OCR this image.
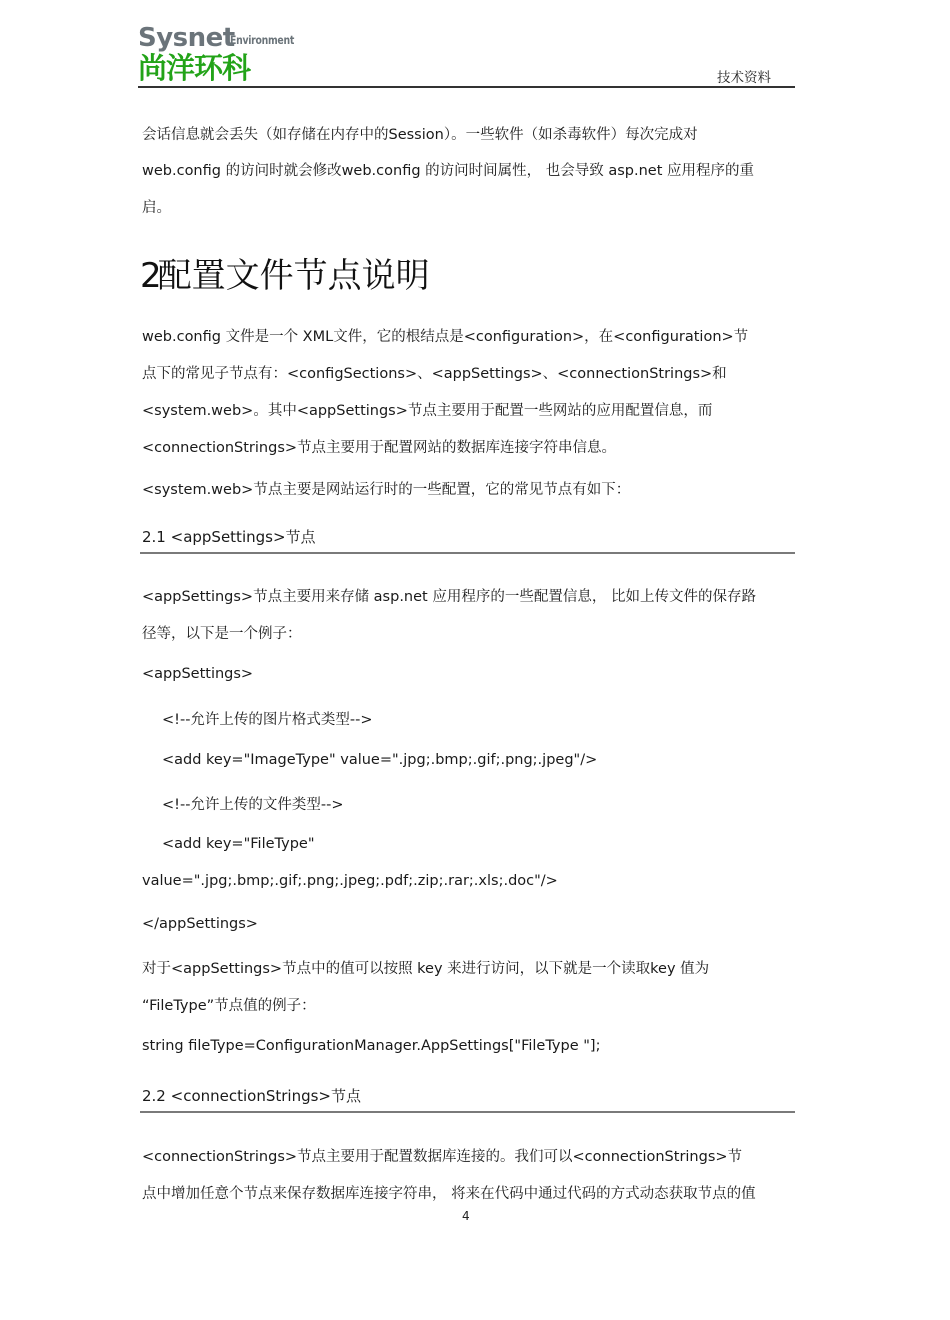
Sysnet
Environment
尚洋环科	技术资料
会话信息就会丢失（如存储在内存中的Session）。一些软件（如杀毒软件）每次完成对
web.config 的访问时就会修改web.config 的访问时间属性， 也会导致 asp.net 应用程序的重
启。
2配置文件节点说明
web.config 文件是一个 XML文件，它的根结点是<configuration>，在<configuration>节
点下的常见子节点有：<configSections>、<appSettings>、<connectionStrings>和
<system.web>。其中<appSettings>节点主要用于配置一些网站的应用配置信息，而
<connectionStrings>节点主要用于配置网站的数据库连接字符串信息。
<system.web>节点主要是网站运行时的一些配置，它的常见节点有如下：
2.1 <appSettings>节点
<appSettings>节点主要用来存储 asp.net 应用程序的一些配置信息， 比如上传文件的保存路
径等，以下是一个例子：
<appSettings>
<!--允许上传的图片格式类型-->
<add key="ImageType" value=".jpg;.bmp;.gif;.png;.jpeg"/>
<!--允许上传的文件类型-->
<add key="FileType"
value=".jpg;.bmp;.gif;.png;.jpeg;.pdf;.zip;.rar;.xls;.doc"/>
</appSettings>
对于<appSettings>节点中的值可以按照 key 来进行访问，以下就是一个读取key 值为
“FileType”节点值的例子：
string fileType=ConfigurationManager.AppSettings["FileType "];
2.2 <connectionStrings>节点
<connectionStrings>节点主要用于配置数据库连接的。我们可以<connectionStrings>节
点中增加任意个节点来保存数据库连接字符串， 将来在代码中通过代码的方式动态获取节点的值
4
